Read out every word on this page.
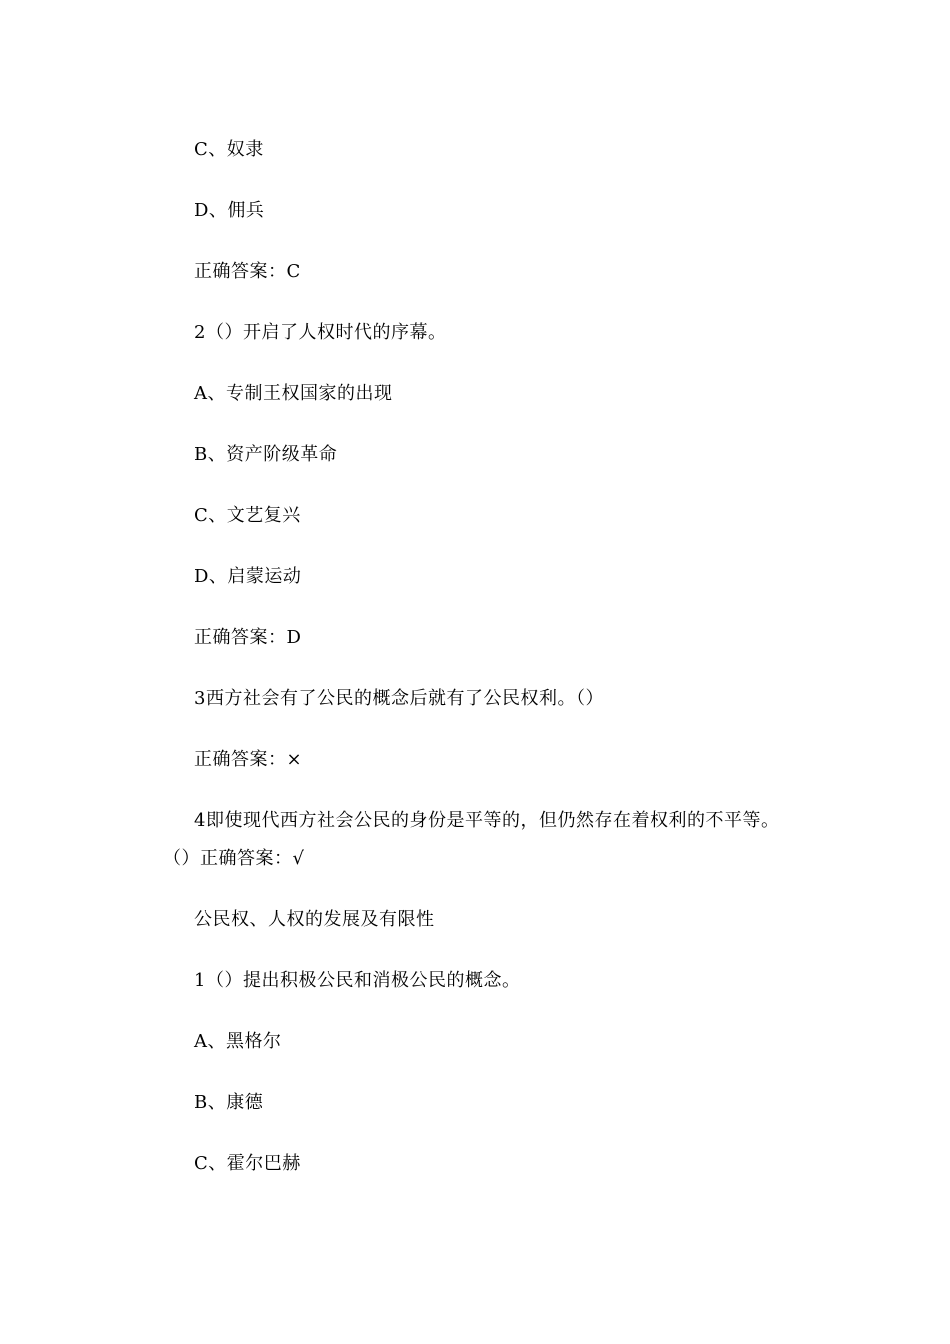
C、奴隶
D、佣兵
正确答案：C
2（）开启了人权时代的序幕。
A、专制王权国家的出现
B、资产阶级革命
C、文艺复兴
D、启蒙运动
正确答案：D
3西方社会有了公民的概念后就有了公民权利。（）
正确答案：×
4即使现代西方社会公民的身份是平等的，但仍然存在着权利的不平等。
（）正确答案：√
公民权、人权的发展及有限性
1（）提出积极公民和消极公民的概念。
A、黑格尔
B、康德
C、霍尔巴赫
